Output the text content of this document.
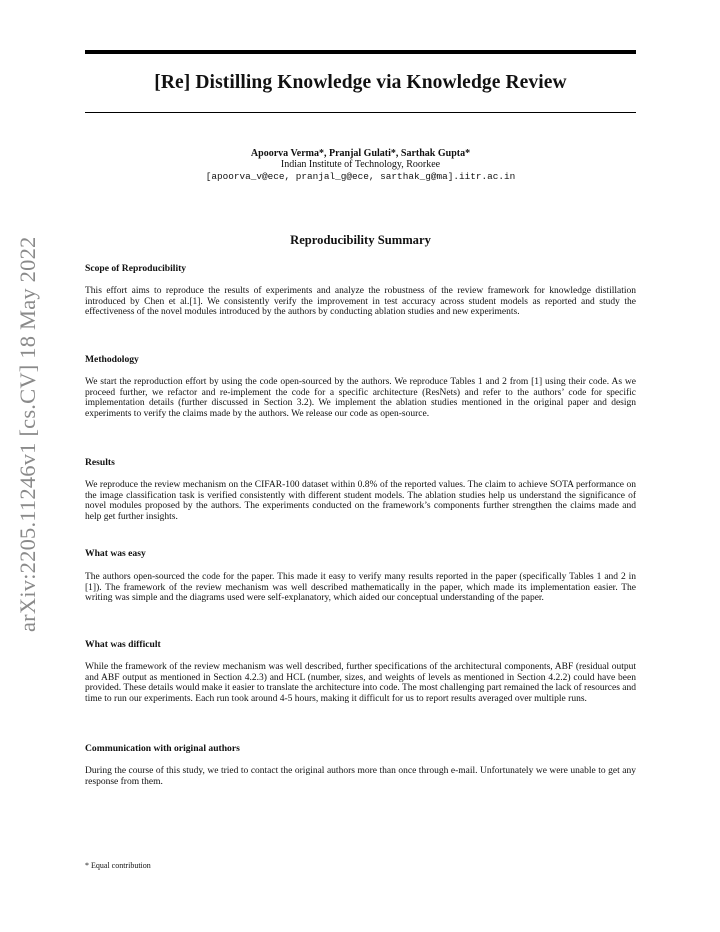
[Re] Distilling Knowledge via Knowledge Review
Apoorva Verma*, Pranjal Gulati*, Sarthak Gupta*
Indian Institute of Technology, Roorkee
[apoorva_v@ece, pranjal_g@ece, sarthak_g@ma].iitr.ac.in
arXiv:2205.11246v1 [cs.CV] 18 May 2022	Reproducibility Summary
Scope of Reproducibility
This effort aims to reproduce the results of experiments and analyze the robustness of the review framework for knowledge distillation introduced by Chen et al.[1]. We consistently verify the improvement in test accuracy across student models as reported and study the effectiveness of the novel modules introduced by the authors by conducting ablation studies and new experiments.
Methodology
We start the reproduction effort by using the code open-sourced by the authors. We reproduce Tables 1 and 2 from [1] using their code. As we proceed further, we refactor and re-implement the code for a specific architecture (ResNets) and refer to the authors’ code for specific implementation details (further discussed in Section 3.2). We implement the ablation studies mentioned in the original paper and design experiments to verify the claims made by the authors. We release our code as open-source.
Results
We reproduce the review mechanism on the CIFAR-100 dataset within 0.8% of the reported values. The claim to achieve SOTA performance on the image classification task is verified consistently with different student models. The ablation studies help us understand the significance of novel modules proposed by the authors. The experiments conducted on the framework’s components further strengthen the claims made and help get further insights.
What was easy
The authors open-sourced the code for the paper. This made it easy to verify many results reported in the paper (specifically Tables 1 and 2 in [1]). The framework of the review mechanism was well described mathematically in the paper, which made its implementation easier. The writing was simple and the diagrams used were self-explanatory, which aided our conceptual understanding of the paper.
What was difficult
While the framework of the review mechanism was well described, further specifications of the architectural components, ABF (residual output and ABF output as mentioned in Section 4.2.3) and HCL (number, sizes, and weights of levels as mentioned in Section 4.2.2) could have been provided. These details would make it easier to translate the architecture into code. The most challenging part remained the lack of resources and time to run our experiments. Each run took around 4-5 hours, making it difficult for us to report results averaged over multiple runs.
Communication with original authors
During the course of this study, we tried to contact the original authors more than once through e-mail. Unfortunately we were unable to get any response from them.
* Equal contribution
